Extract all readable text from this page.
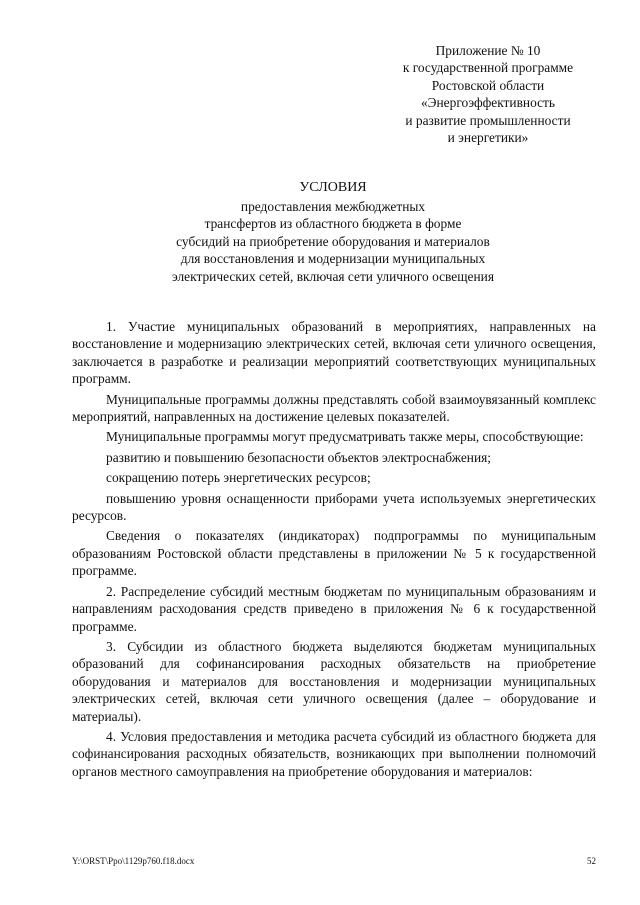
Приложение № 10
к государственной программе
Ростовской области
«Энергоэффективность
и развитие промышленности
и энергетики»
УСЛОВИЯ
предоставления межбюджетных
трансфертов из областного бюджета в форме
субсидий на приобретение оборудования и материалов
для восстановления и модернизации муниципальных
электрических сетей, включая сети уличного освещения

1. Участие муниципальных образований в мероприятиях, направленных на восстановление и модернизацию электрических сетей, включая сети уличного освещения, заключается в разработке и реализации мероприятий соответствующих муниципальных программ.

Муниципальные программы должны представлять собой взаимоувязанный комплекс мероприятий, направленных на достижение целевых показателей.

Муниципальные программы могут предусматривать также меры, способствующие:

развитию и повышению безопасности объектов электроснабжения;

сокращению потерь энергетических ресурсов;

повышению уровня оснащенности приборами учета используемых энергетических ресурсов.

Сведения о показателях (индикаторах) подпрограммы по муниципальным образованиям Ростовской области представлены в приложении № 5 к государственной программе.

2. Распределение субсидий местным бюджетам по муниципальным образованиям и направлениям расходования средств приведено в приложения № 6 к государственной программе.

3. Субсидии из областного бюджета выделяются бюджетам муниципальных образований для софинансирования расходных обязательств на приобретение оборудования и материалов для восстановления и модернизации муниципальных электрических сетей, включая сети уличного освещения (далее – оборудование и материалы).

4. Условия предоставления и методика расчета субсидий из областного бюджета для софинансирования расходных обязательств, возникающих при выполнении полномочий органов местного самоуправления на приобретение оборудования и материалов:

Y:\ORST\Ppo\1129p760.f18.docx	52
